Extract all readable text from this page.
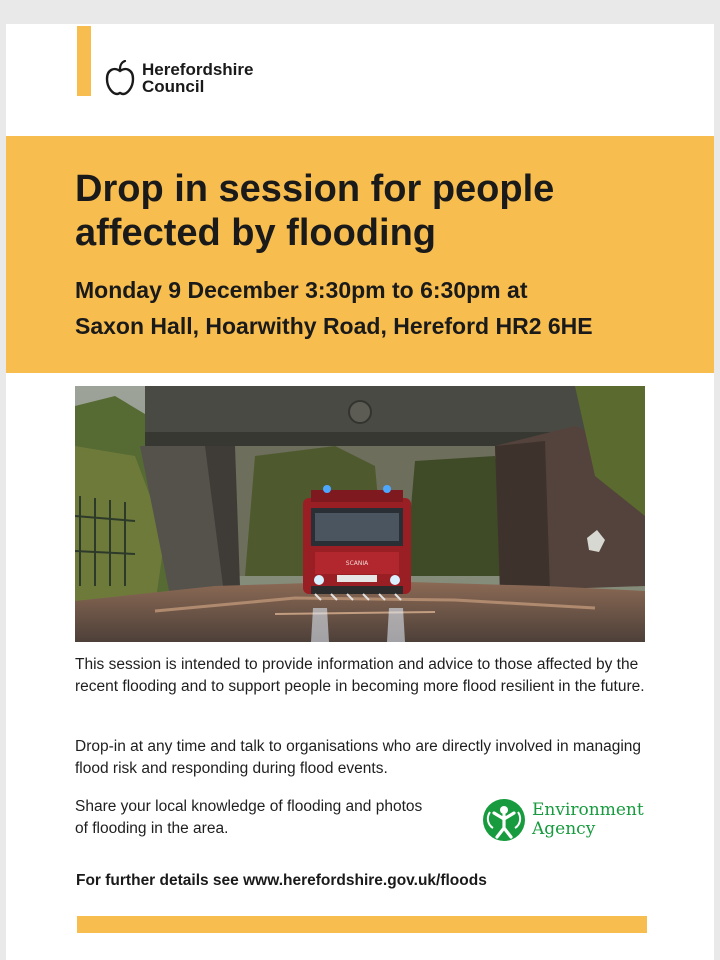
Herefordshire
Council
Drop in session for people affected by flooding
Monday 9 December 3:30pm to 6:30pm at
Saxon Hall, Hoarwithy Road, Hereford HR2 6HE
SCANIA
This session is intended to provide information and advice to those affected by the recent flooding and to support people in becoming more flood resilient in the future.
Drop-in at any time and talk to organisations who are directly involved in managing flood risk and responding during flood events.
Share your local knowledge of flooding and photos of flooding in the area.
Environment
Agency
For further details see www.herefordshire.gov.uk/floods
